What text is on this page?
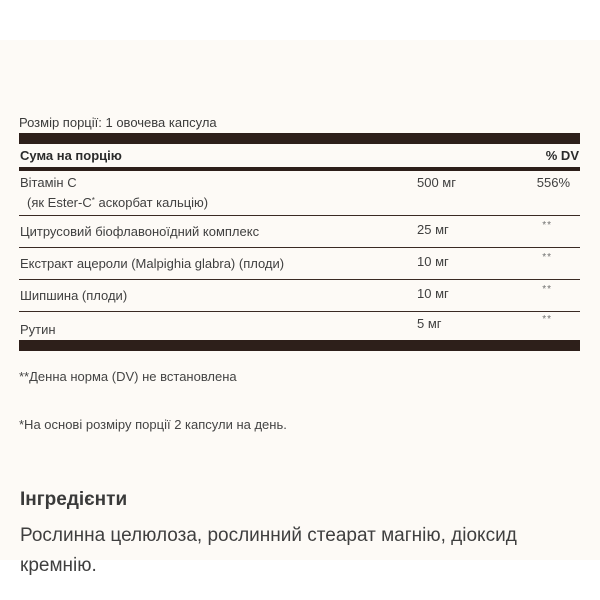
Розмір порції: 1 овочева капсула
Сума на порцію	% DV
Вітамін С
(як Ester-C* аскорбат кальцію)
500 мг	556%
Цитрусовий біофлавоноїдний комплекс	25 мг	**
Екстракт ацероли (Malpighia glabra) (плоди)	10 мг	**
Шипшина (плоди)	10 мг	**
Рутин	5 мг	**
**Денна норма (DV) не встановлена
*На основі розміру порції 2 капсули на день.
Інгредієнти
Рослинна целюлоза, рослинний стеарат магнію, діоксид кремнію.
